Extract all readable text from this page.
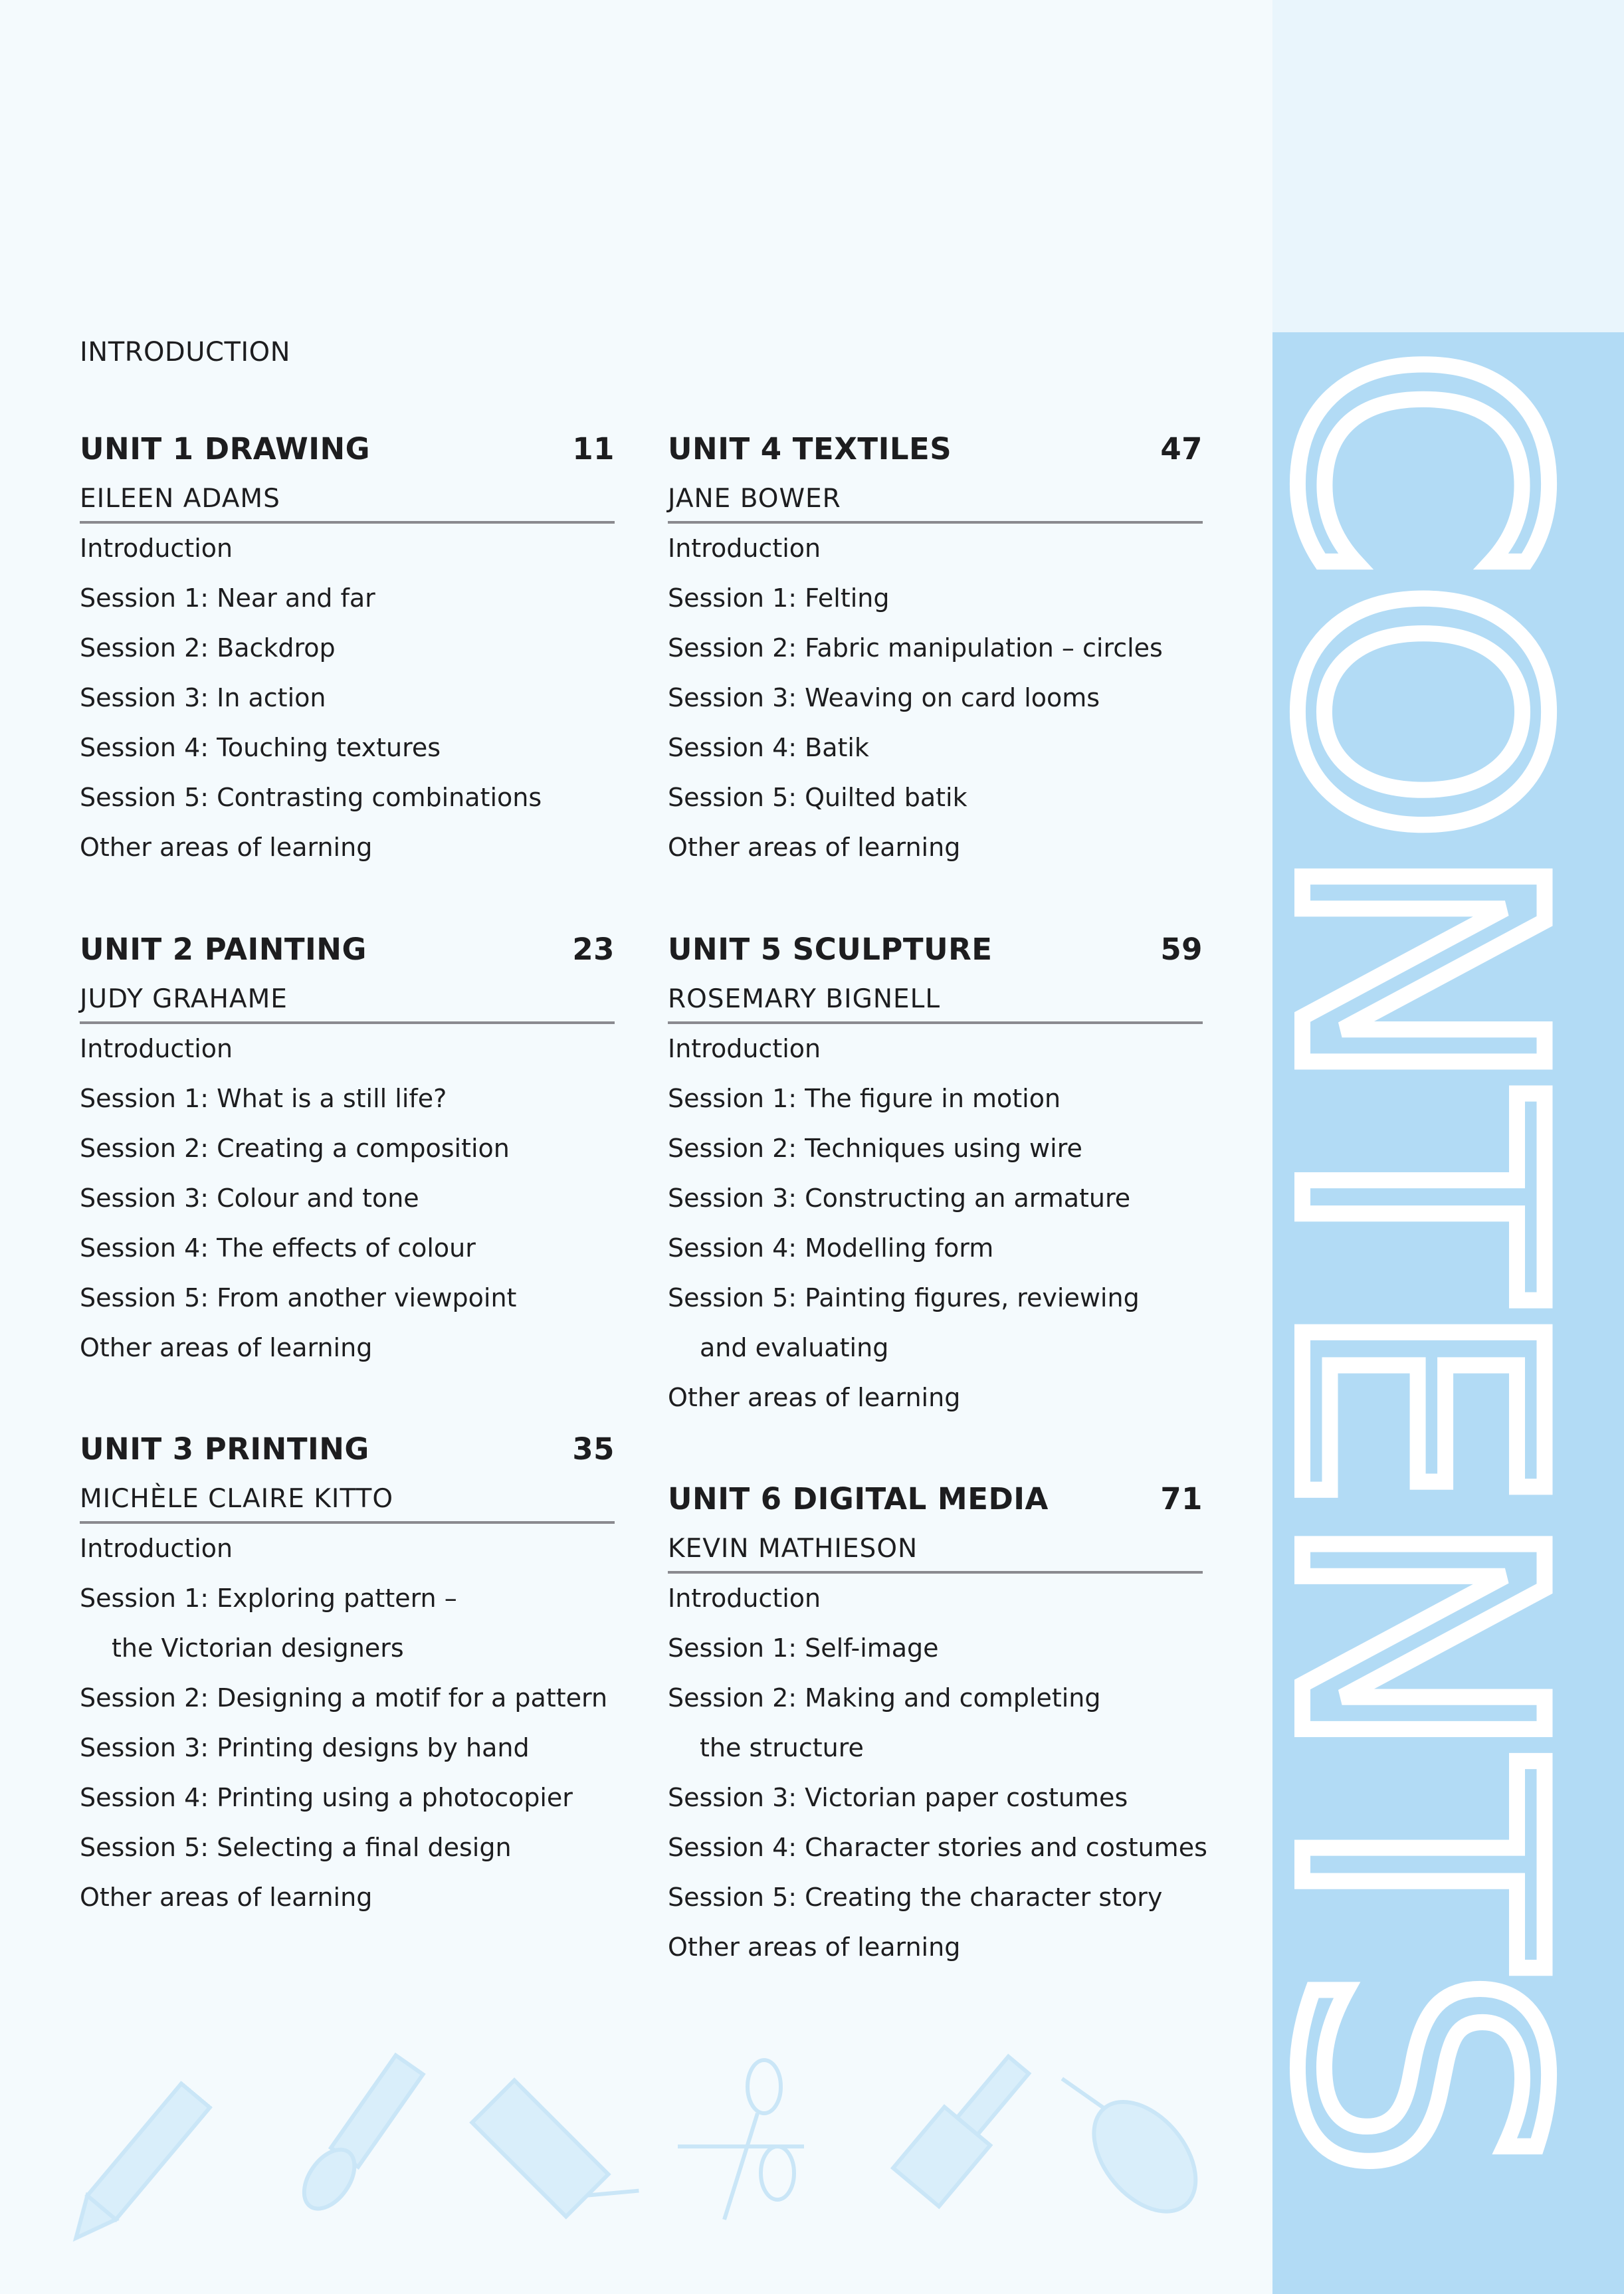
CONTENTS
INTRODUCTION
UNIT 1 DRAWING	11
EILEEN ADAMS
Introduction
Session 1: Near and far
Session 2: Backdrop
Session 3: In action
Session 4: Touching textures
Session 5: Contrasting combinations
Other areas of learning
UNIT 2 PAINTING	23
JUDY GRAHAME
Introduction
Session 1: What is a still life?
Session 2: Creating a composition
Session 3: Colour and tone
Session 4: The effects of colour
Session 5: From another viewpoint
Other areas of learning
UNIT 3 PRINTING	35
MICHÈLE CLAIRE KITTO
Introduction
Session 1: Exploring pattern –
the Victorian designers
Session 2: Designing a motif for a pattern
Session 3: Printing designs by hand
Session 4: Printing using a photocopier
Session 5: Selecting a final design
Other areas of learning
UNIT 4 TEXTILES	47
JANE BOWER
Introduction
Session 1: Felting
Session 2: Fabric manipulation – circles
Session 3: Weaving on card looms
Session 4: Batik
Session 5: Quilted batik
Other areas of learning
UNIT 5 SCULPTURE	59
ROSEMARY BIGNELL
Introduction
Session 1: The figure in motion
Session 2: Techniques using wire
Session 3: Constructing an armature
Session 4: Modelling form
Session 5: Painting figures, reviewing
and evaluating
Other areas of learning
UNIT 6 DIGITAL MEDIA	71
KEVIN MATHIESON
Introduction
Session 1: Self-image
Session 2: Making and completing
the structure
Session 3: Victorian paper costumes
Session 4: Character stories and costumes
Session 5: Creating the character story
Other areas of learning
